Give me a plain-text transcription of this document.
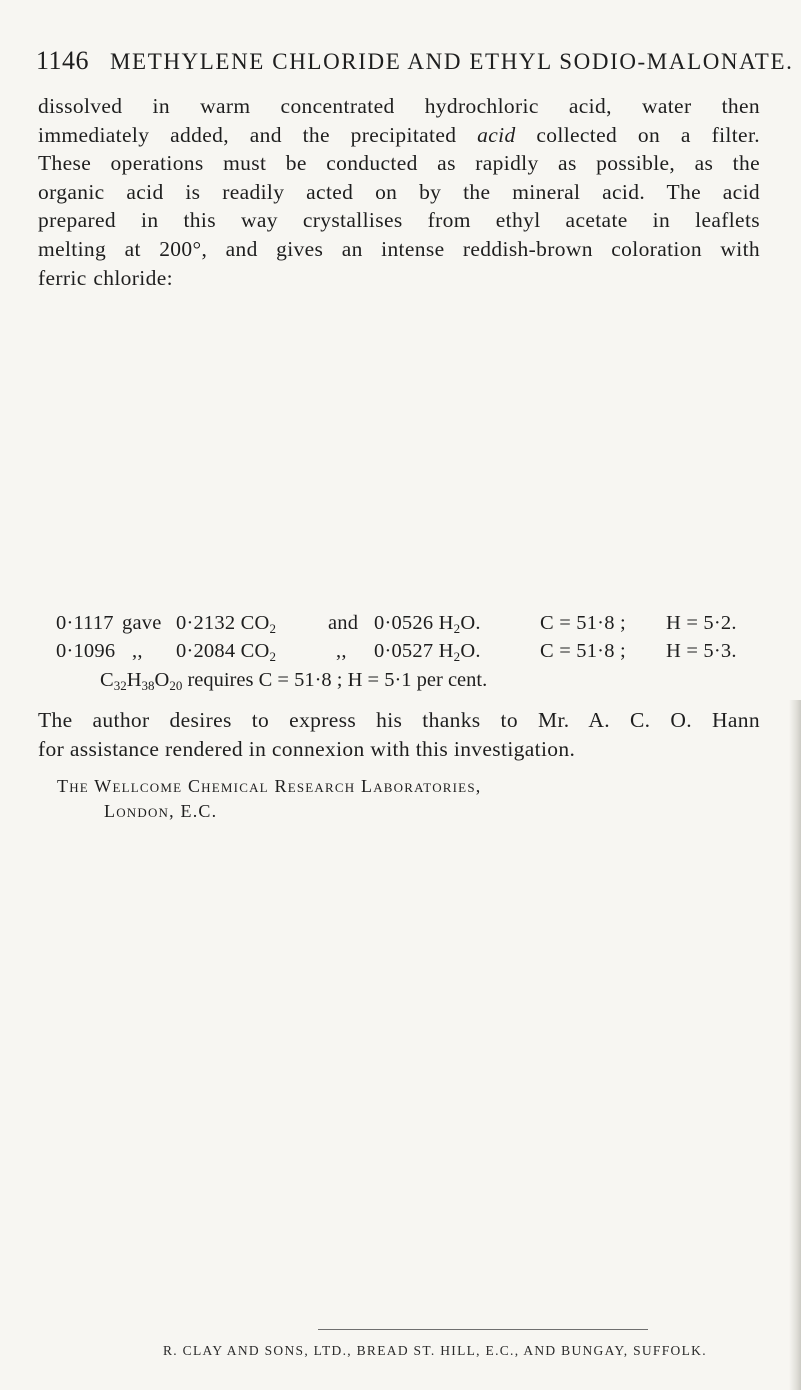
1146 METHYLENE CHLORIDE AND ETHYL SODIO-MALONATE.
dissolved in warm concentrated hydrochloric acid, water then
immediately added, and the precipitated acid collected on a filter.
These operations must be conducted as rapidly as possible, as the
organic acid is readily acted on by the mineral acid. The acid
prepared in this way crystallises from ethyl acetate in leaflets
melting at 200°, and gives an intense reddish-brown coloration with
ferric chloride:
0·1117 gave 0·2132 $CO_2$	and 0·0526 $H_2O$.	C = 51·8 ; H = 5·2.
0·1096 ,, 0·2084 $CO_2$	,, 0·0527 $H_2O$.	C = 51·8 ; H = 5·3.
$C_{32}H_{38}O_{20}$ requires C = 51·8 ; H = 5·1 per cent.
The author desires to express his thanks to Mr. A. C. O. Hann
for assistance rendered in connexion with this investigation.
The Wellcome Chemical Research Laboratories,
London, E.C.
R. CLAY AND SONS, LTD., BREAD ST. HILL, E.C., AND BUNGAY, SUFFOLK.
